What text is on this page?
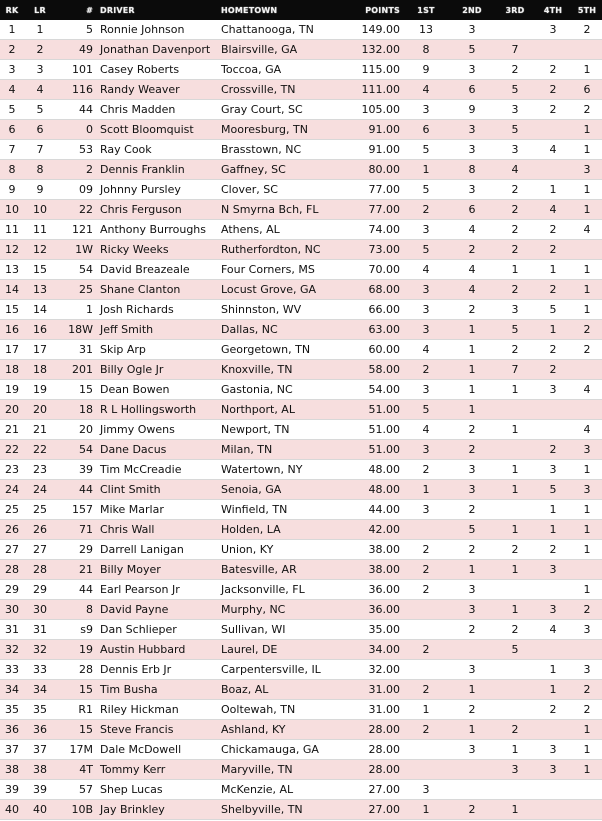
RK	LR	#	DRIVER	HOMETOWN	POINTS	1ST	2ND	3RD	4TH	5TH
1	1	5	Ronnie Johnson	Chattanooga, TN	149.00	13	3		3	2
2	2	49	Jonathan Davenport	Blairsville, GA	132.00	8	5	7		
3	3	101	Casey Roberts	Toccoa, GA	115.00	9	3	2	2	1
4	4	116	Randy Weaver	Crossville, TN	111.00	4	6	5	2	6
5	5	44	Chris Madden	Gray Court, SC	105.00	3	9	3	2	2
6	6	0	Scott Bloomquist	Mooresburg, TN	91.00	6	3	5		1
7	7	53	Ray Cook	Brasstown, NC	91.00	5	3	3	4	1
8	8	2	Dennis Franklin	Gaffney, SC	80.00	1	8	4		3
9	9	09	Johnny Pursley	Clover, SC	77.00	5	3	2	1	1
10	10	22	Chris Ferguson	N Smyrna Bch, FL	77.00	2	6	2	4	1
11	11	121	Anthony Burroughs	Athens, AL	74.00	3	4	2	2	4
12	12	1W	Ricky Weeks	Rutherfordton, NC	73.00	5	2	2	2	
13	15	54	David Breazeale	Four Corners, MS	70.00	4	4	1	1	1
14	13	25	Shane Clanton	Locust Grove, GA	68.00	3	4	2	2	1
15	14	1	Josh Richards	Shinnston, WV	66.00	3	2	3	5	1
16	16	18W	Jeff Smith	Dallas, NC	63.00	3	1	5	1	2
17	17	31	Skip Arp	Georgetown, TN	60.00	4	1	2	2	2
18	18	201	Billy Ogle Jr	Knoxville, TN	58.00	2	1	7	2	
19	19	15	Dean Bowen	Gastonia, NC	54.00	3	1	1	3	4
20	20	18	R L Hollingsworth	Northport, AL	51.00	5	1			
21	21	20	Jimmy Owens	Newport, TN	51.00	4	2	1		4
22	22	54	Dane Dacus	Milan, TN	51.00	3	2		2	3
23	23	39	Tim McCreadie	Watertown, NY	48.00	2	3	1	3	1
24	24	44	Clint Smith	Senoia, GA	48.00	1	3	1	5	3
25	25	157	Mike Marlar	Winfield, TN	44.00	3	2		1	1
26	26	71	Chris Wall	Holden, LA	42.00		5	1	1	1
27	27	29	Darrell Lanigan	Union, KY	38.00	2	2	2	2	1
28	28	21	Billy Moyer	Batesville, AR	38.00	2	1	1	3	
29	29	44	Earl Pearson Jr	Jacksonville, FL	36.00	2	3			1
30	30	8	David Payne	Murphy, NC	36.00		3	1	3	2
31	31	s9	Dan Schlieper	Sullivan, WI	35.00		2	2	4	3
32	32	19	Austin Hubbard	Laurel, DE	34.00	2		5		
33	33	28	Dennis Erb Jr	Carpentersville, IL	32.00		3		1	3
34	34	15	Tim Busha	Boaz, AL	31.00	2	1		1	2
35	35	R1	Riley Hickman	Ooltewah, TN	31.00	1	2		2	2
36	36	15	Steve Francis	Ashland, KY	28.00	2	1	2		1
37	37	17M	Dale McDowell	Chickamauga, GA	28.00		3	1	3	1
38	38	4T	Tommy Kerr	Maryville, TN	28.00			3	3	1
39	39	57	Shep Lucas	McKenzie, AL	27.00	3				
40	40	10B	Jay Brinkley	Shelbyville, TN	27.00	1	2	1		
